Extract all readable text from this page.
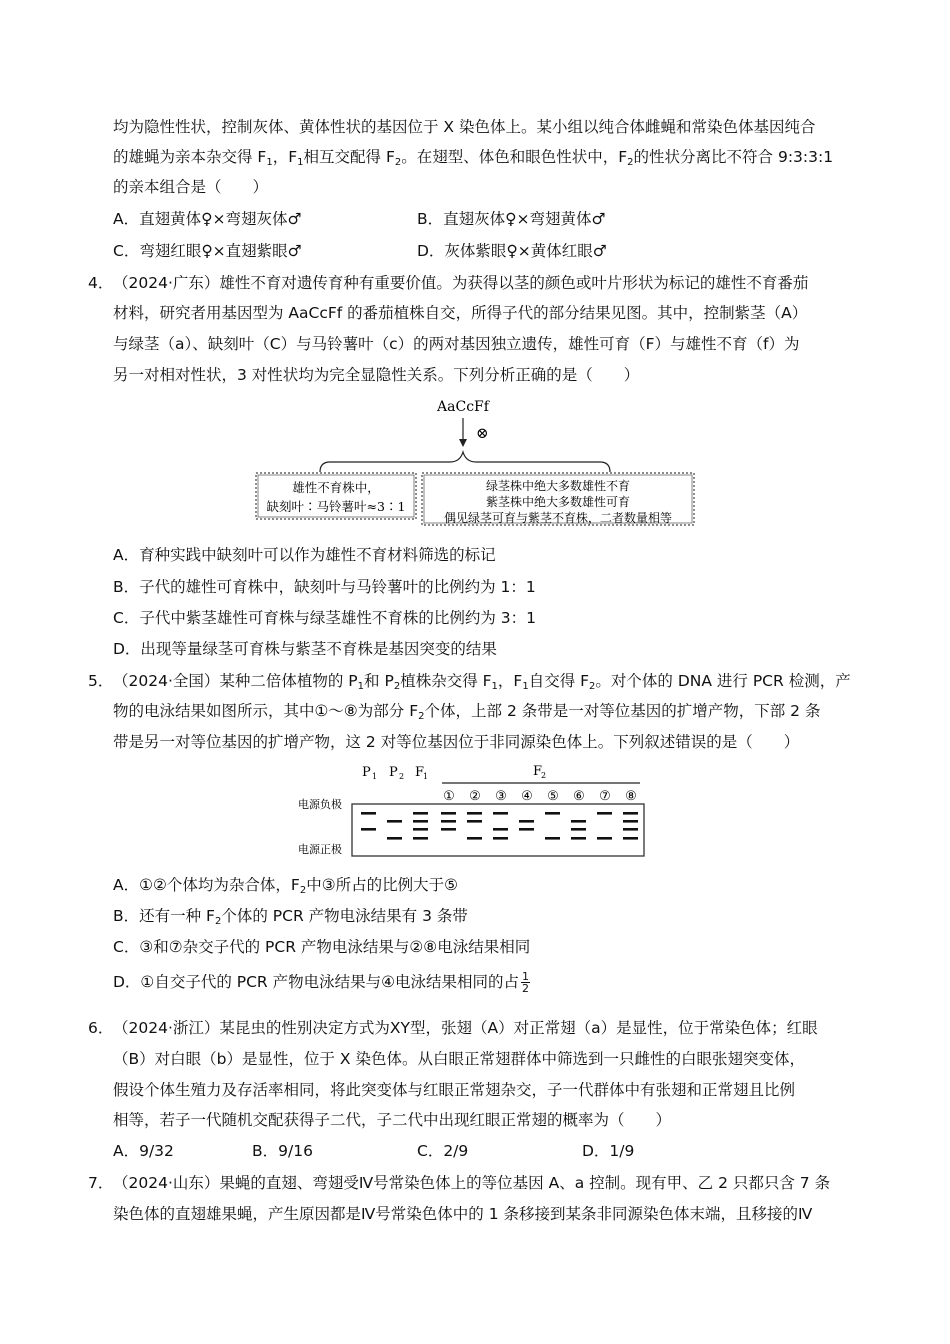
均为隐性性状，控制灰体、黄体性状的基因位于 X 染色体上。某小组以纯合体雌蝇和常染色体基因纯合
的雄蝇为亲本杂交得 $F_1$，$F_1$相互交配得 $F_2$。在翅型、体色和眼色性状中，$F_2$的性状分离比不符合 9:3:3:1
的亲本组合是（　　）
A．直翅黄体♀×弯翅灰体♂	B．直翅灰体♀×弯翅黄体♂
C．弯翅红眼♀×直翅紫眼♂	D．灰体紫眼♀×黄体红眼♂
4． （2024·广东）雄性不育对遗传育种有重要价值。为获得以茎的颜色或叶片形状为标记的雄性不育番茄
材料，研究者用基因型为 AaCcFf 的番茄植株自交，所得子代的部分结果见图。其中，控制紫茎（A）
与绿茎（a）、缺刻叶（C）与马铃薯叶（c）的两对基因独立遗传，雄性可育（F）与雄性不育（f）为
另一对相对性状，3 对性状均为完全显隐性关系。下列分析正确的是（　　）
AaCcFf
⊗
雄性不育株中，
缺刻叶∶马铃薯叶≈3∶1
绿茎株中绝大多数雄性不育
紫茎株中绝大多数雄性可育
偶见绿茎可育与紫茎不育株，二者数量相等
A．育种实践中缺刻叶可以作为雄性不育材料筛选的标记
B．子代的雄性可育株中，缺刻叶与马铃薯叶的比例约为 1：1
C．子代中紫茎雄性可育株与绿茎雄性不育株的比例约为 3：1
D．出现等量绿茎可育株与紫茎不育株是基因突变的结果
5． （2024·全国）某种二倍体植物的 $P_1$和 $P_2$植株杂交得 $F_1$，$F_1$自交得 $F_2$。对个体的 DNA 进行 PCR 检测，产
物的电泳结果如图所示，其中①～⑧为部分 $F_2$个体，上部 2 条带是一对等位基因的扩增产物，下部 2 条
带是另一对等位基因的扩增产物，这 2 对等位基因位于非同源染色体上。下列叙述错误的是（　　）
P 1 P 2 F
1	F
2
① ② ③ ④ ⑤ ⑥ ⑦ ⑧
电源负极
电源正极
A．①②个体均为杂合体，$F_2$中③所占的比例大于⑤
B．还有一种 $F_2$个体的 PCR 产物电泳结果有 3 条带
C．③和⑦杂交子代的 PCR 产物电泳结果与②⑧电泳结果相同
D．①自交子代的 PCR 产物电泳结果与④电泳结果相同的占 $\frac{1}{2}$
6． （2024·浙江）某昆虫的性别决定方式为XY型，张翅（A）对正常翅（a）是显性，位于常染色体；红眼
（B）对白眼（b）是显性，位于 X 染色体。从白眼正常翅群体中筛选到一只雌性的白眼张翅突变体，
假设个体生殖力及存活率相同，将此突变体与红眼正常翅杂交，子一代群体中有张翅和正常翅且比例
相等，若子一代随机交配获得子二代，子二代中出现红眼正常翅的概率为（　　）
A．9/32	B．9/16	C．2/9	D．1/9
7． （2024·山东）果蝇的直翅、弯翅受Ⅳ号常染色体上的等位基因 A、a 控制。现有甲、乙 2 只都只含 7 条
染色体的直翅雄果蝇，产生原因都是Ⅳ号常染色体中的 1 条移接到某条非同源染色体末端，且移接的Ⅳ
